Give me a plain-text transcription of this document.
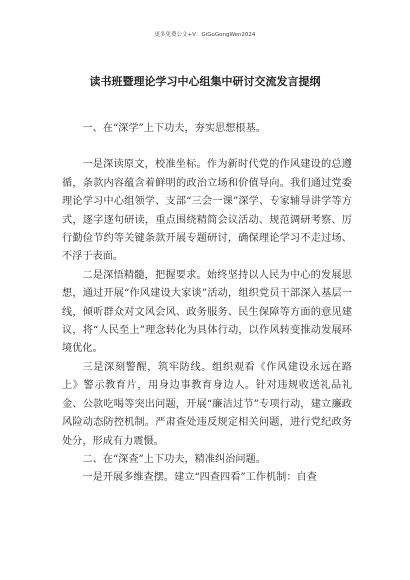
更多免费公文+V：GiGoGongWen2024
读书班暨理论学习中心组集中研讨交流发言提纲

一、在“深学”上下功夫，夯实思想根基。

一是深读原文，校准坐标。作为新时代党的作风建设的总遵循，条款内容蕴含着鲜明的政治立场和价值导向。我们通过党委理论学习中心组领学、支部“三会一课”深学、专家辅导讲学等方式，逐字逐句研读，重点围绕精简会议活动、规范调研考察、厉行勤俭节约等关键条款开展专题研讨，确保理论学习不走过场、不浮于表面。

二是深悟精髓，把握要求。始终坚持以人民为中心的发展思想，通过开展“作风建设大家谈”活动，组织党员干部深入基层一线，倾听群众对文风会风、政务服务、民生保障等方面的意见建议，将“人民至上”理念转化为具体行动，以作风转变推动发展环境优化。

三是深刻警醒，筑牢防线。组织观看《作风建设永远在路上》警示教育片，用身边事教育身边人。针对违规收送礼品礼金、公款吃喝等突出问题，开展“廉洁过节”专项行动，建立廉政风险动态防控机制。严肃查处违反规定相关问题，进行党纪政务处分，形成有力震慑。

二、在“深查”上下功夫，精准纠治问题。

一是开展多维查摆。建立“四查四看”工作机制：自查
